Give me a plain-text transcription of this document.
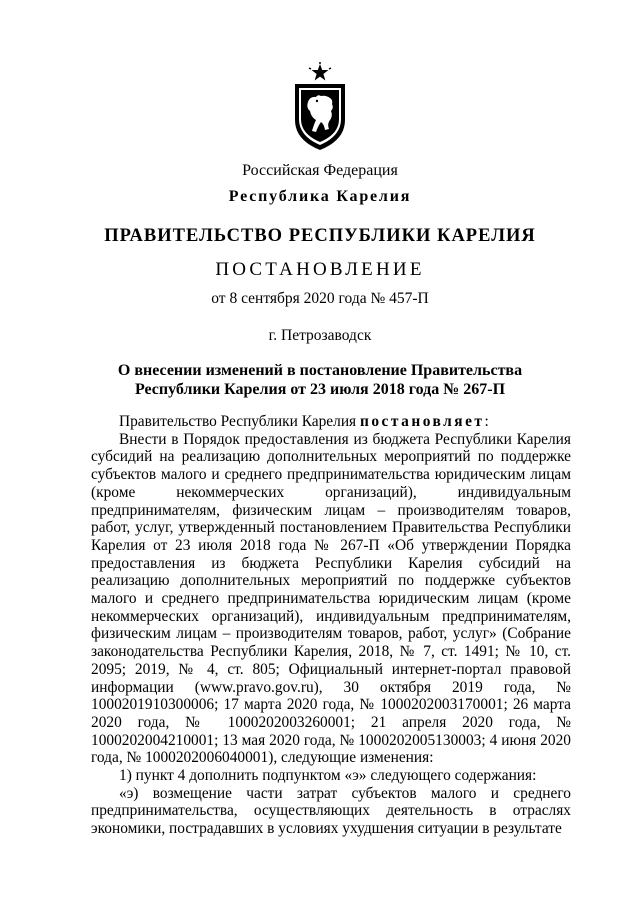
Российская Федерация
Республика Карелия
ПРАВИТЕЛЬСТВО РЕСПУБЛИКИ КАРЕЛИЯ
ПОСТАНОВЛЕНИЕ
от 8 сентября 2020 года № 457-П
г. Петрозаводск
О внесении изменений в постановление Правительства
Республики Карелия от 23 июля 2018 года № 267-П

Правительство Республики Карелия постановляет:

Внести в Порядок предоставления из бюджета Республики Карелия субсидий на реализацию дополнительных мероприятий по поддержке субъектов малого и среднего предпринимательства юридическим лицам (кроме некоммерческих организаций), индивидуальным предпринимателям, физическим лицам – производителям товаров, работ, услуг, утвержденный постановлением Правительства Республики Карелия от 23 июля 2018 года № 267-П «Об утверждении Порядка предоставления из бюджета Республики Карелия субсидий на реализацию дополнительных мероприятий по поддержке субъектов малого и среднего предпринимательства юридическим лицам (кроме некоммерческих организаций), индивидуальным предпринимателям, физическим лицам – производителям товаров, работ, услуг» (Собрание законодательства Республики Карелия, 2018, № 7, ст. 1491; № 10, ст. 2095; 2019, № 4, ст. 805; Официальный интернет-портал правовой информации (www.pravo.gov.ru), 30 октября 2019 года, № 1000201910300006; 17 марта 2020 года, № 1000202003170001; 26 марта 2020 года, № 1000202003260001; 21 апреля 2020 года, № 1000202004210001; 13 мая 2020 года, № 1000202005130003; 4 июня 2020 года, № 1000202006040001), следующие изменения:

1) пункт 4 дополнить подпунктом «э» следующего содержания:

«э) возмещение части затрат субъектов малого и среднего предпринимательства, осуществляющих деятельность в отраслях экономики, пострадавших в условиях ухудшения ситуации в результате
